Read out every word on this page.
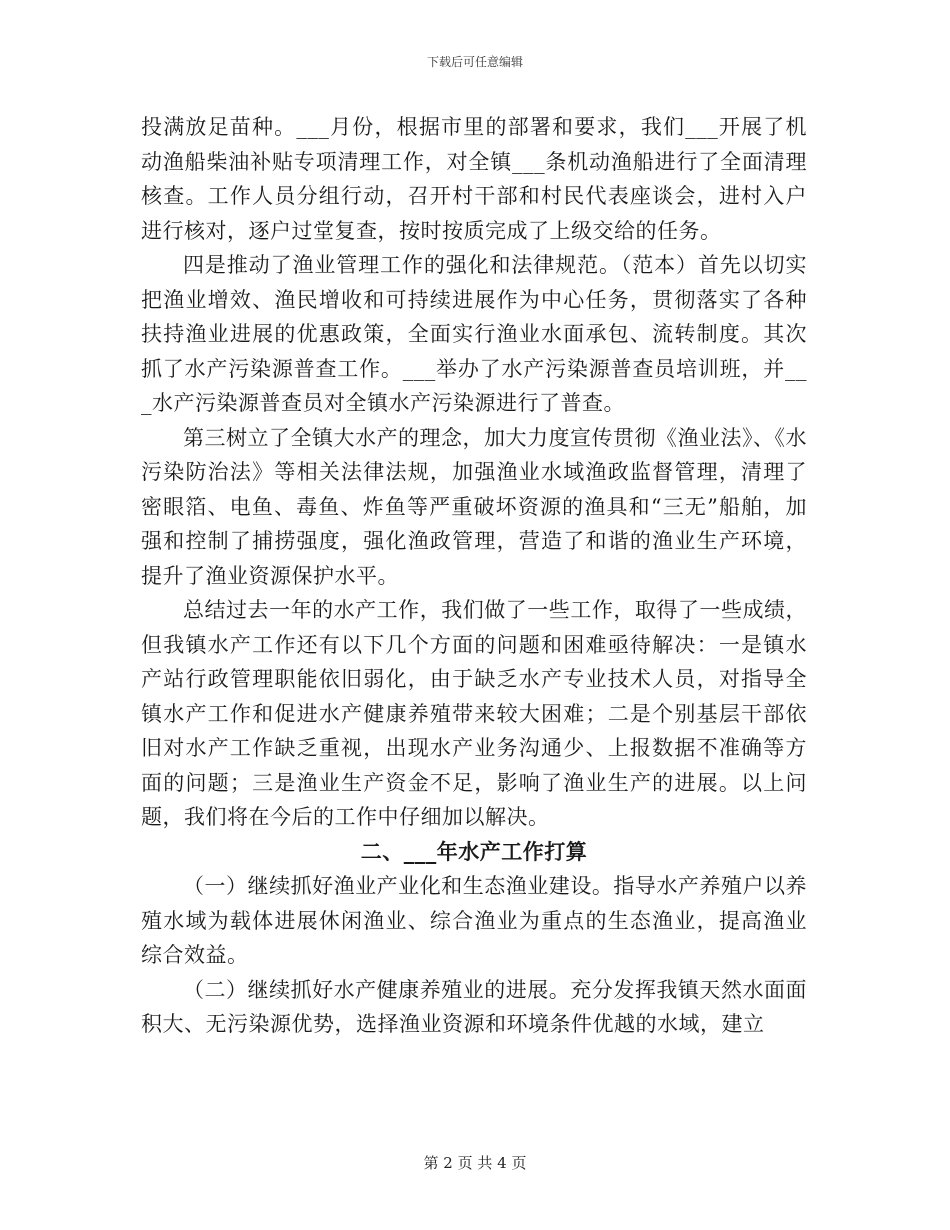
下载后可任意编辑

投满放足苗种。___月份，根据市里的部署和要求，我们___开展了机动渔船柴油补贴专项清理工作，对全镇___条机动渔船进行了全面清理核查。工作人员分组行动，召开村干部和村民代表座谈会，进村入户进行核对，逐户过堂复查，按时按质完成了上级交给的任务。

四是推动了渔业管理工作的强化和法律规范。（范本）首先以切实把渔业增效、渔民增收和可持续进展作为中心任务，贯彻落实了各种扶持渔业进展的优惠政策，全面实行渔业水面承包、流转制度。其次抓了水产污染源普查工作。___举办了水产污染源普查员培训班，并___水产污染源普查员对全镇水产污染源进行了普查。

第三树立了全镇大水产的理念，加大力度宣传贯彻《渔业法》、《水污染防治法》等相关法律法规，加强渔业水域渔政监督管理，清理了密眼箔、电鱼、毒鱼、炸鱼等严重破坏资源的渔具和“三无”船舶，加强和控制了捕捞强度，强化渔政管理，营造了和谐的渔业生产环境，提升了渔业资源保护水平。

总结过去一年的水产工作，我们做了一些工作，取得了一些成绩，但我镇水产工作还有以下几个方面的问题和困难亟待解决：一是镇水产站行政管理职能依旧弱化，由于缺乏水产专业技术人员，对指导全镇水产工作和促进水产健康养殖带来较大困难；二是个别基层干部依旧对水产工作缺乏重视，出现水产业务沟通少、上报数据不准确等方面的问题；三是渔业生产资金不足，影响了渔业生产的进展。以上问题，我们将在今后的工作中仔细加以解决。

二、___年水产工作打算

（一）继续抓好渔业产业化和生态渔业建设。指导水产养殖户以养殖水域为载体进展休闲渔业、综合渔业为重点的生态渔业，提高渔业综合效益。

（二）继续抓好水产健康养殖业的进展。充分发挥我镇天然水面面积大、无污染源优势，选择渔业资源和环境条件优越的水域，建立

第 2 页 共 4 页
